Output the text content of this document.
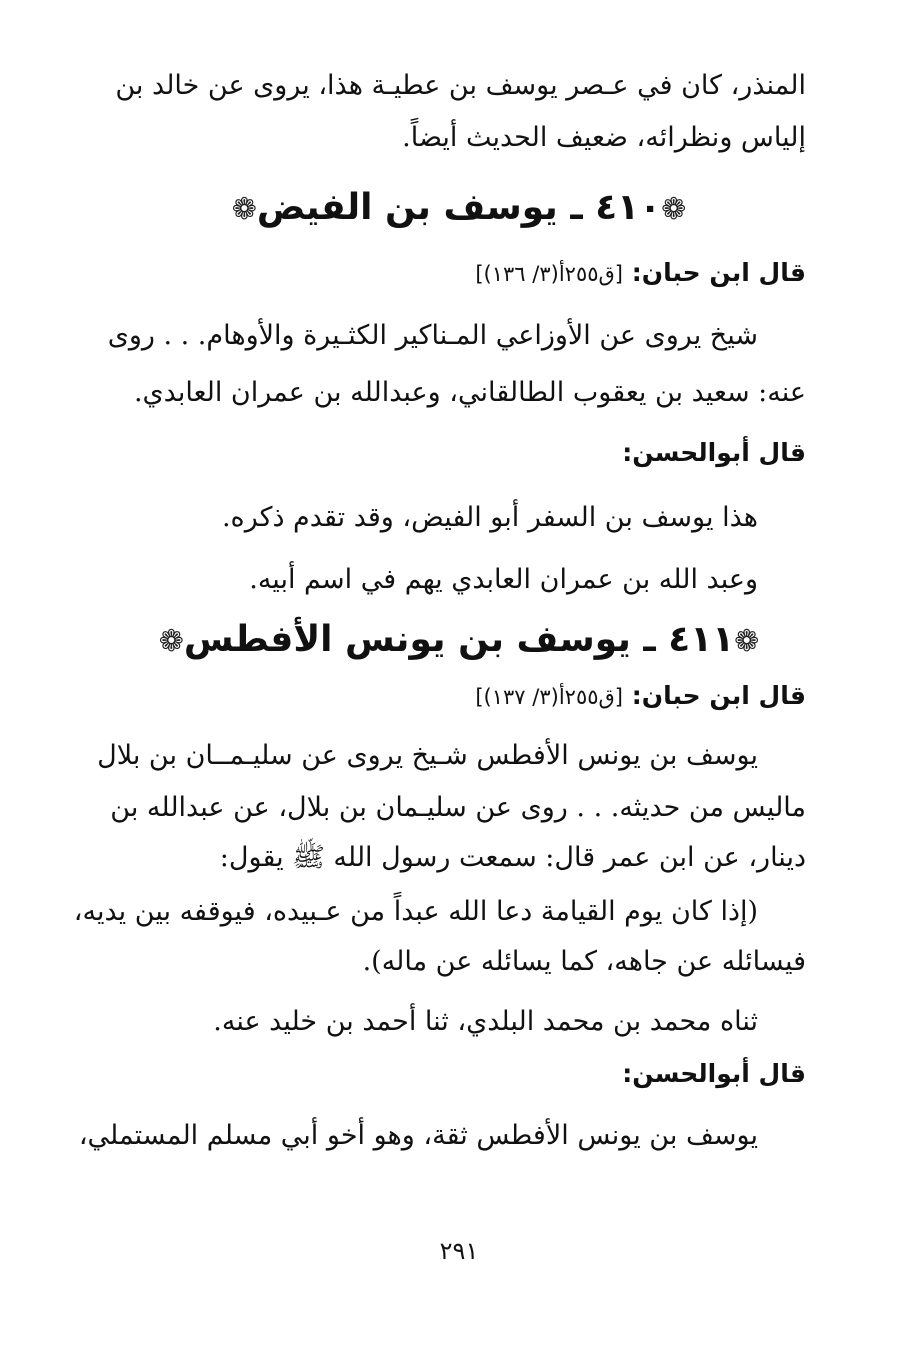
المنذر، كان في عـصر يوسف بن عطيـة هذا، يروى عن خالد بن
إلياس ونظرائه، ضعيف الحديث أيضاً.
❁٤١٠ ـ يوسف بن الفيض❁
قال ابن حبان: [ق٢٥٥أ(٣/ ١٣٦)]
شيخ يروى عن الأوزاعي المـناكير الكثـيرة والأوهام. . . روى
عنه: سعيد بن يعقوب الطالقاني، وعبدالله بن عمران العابدي.
قال أبوالحسن:
هذا يوسف بن السفر أبو الفيض، وقد تقدم ذكره.
وعبد الله بن عمران العابدي يهم في اسم أبيه.
❁٤١١ ـ يوسف بن يونس الأفطس❁
قال ابن حبان: [ق٢٥٥أ(٣/ ١٣٧)]
يوسف بن يونس الأفطس شـيخ يروى عن سليـمــان بن بلال
ماليس من حديثه. . . روى عن سليـمان بن بلال، عن عبدالله بن
دينار، عن ابن عمر قال: سمعت رسول الله ﷺ يقول:
(إذا كان يوم القيامة دعا الله عبداً من عـبيده، فيوقفه بين يديه،
فيسائله عن جاهه، كما يسائله عن ماله).
ثناه محمد بن محمد البلدي، ثنا أحمد بن خليد عنه.
قال أبوالحسن:
يوسف بن يونس الأفطس ثقة، وهو أخو أبي مسلم المستملي،
٢٩١
